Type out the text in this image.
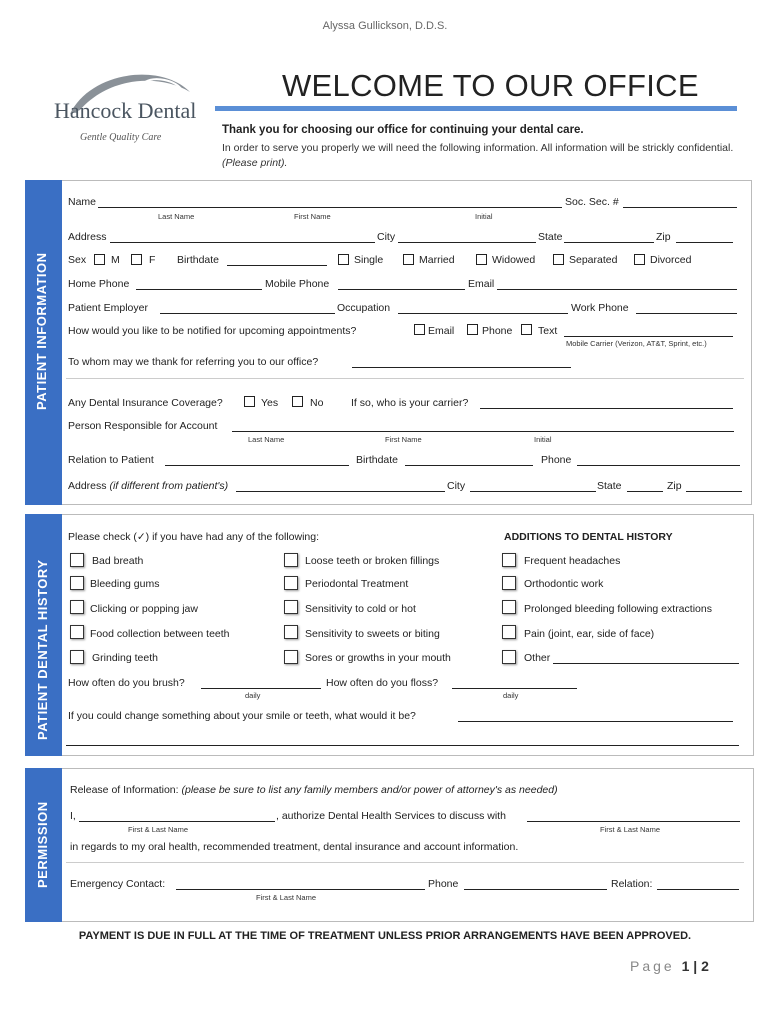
Alyssa Gullickson, D.D.S.
Hancock Dental
Gentle Quality Care
WELCOME TO OUR OFFICE
Thank you for choosing our office for continuing your dental care.
In order to serve you properly we will need the following information. All information will be strickly confidential. (Please print).
PATIENT INFORMATION
Name	Soc. Sec. #
Last Name	First Name	Initial
Address	City	State	Zip
Sex M	F Birthdate	Single	Married	Widowed	Separated	Divorced
Home Phone	Mobile Phone	Email
Patient Employer	Occupation	Work Phone
How would you like to be notified for upcoming appointments?	Email	Phone Text
Mobile Carrier (Verizon, AT&T, Sprint, etc.)
To whom may we thank for referring you to our office?
Any Dental Insurance Coverage?	Yes	No	If so, who is your carrier?
Person Responsible for Account
Last Name	First Name	Initial
Relation to Patient	Birthdate	Phone
Address (if different from patient's)	City	State	Zip
PATIENT DENTAL HISTORY
Please check (✓) if you have had any of the following:	ADDITIONS TO DENTAL HISTORY
Bad breath
Bleeding gums
Clicking or popping jaw
Food collection between teeth
Grinding teeth
Loose teeth or broken fillings
Periodontal Treatment
Sensitivity to cold or hot
Sensitivity to sweets or biting
Sores or growths in your mouth
Frequent headaches
Orthodontic work
Prolonged bleeding following extractions
Pain (joint, ear, side of face)
Other
How often do you brush?
daily
How often do you floss?
daily
If you could change something about your smile or teeth, what would it be?
PERMISSION
Release of Information: (please be sure to list any family members and/or power of attorney's as needed)
I,	, authorize Dental Health Services to discuss with
First & Last Name	First & Last Name
in regards to my oral health, recommended treatment, dental insurance and account information.
Emergency Contact:	Phone	Relation:
First & Last Name
PAYMENT IS DUE IN FULL AT THE TIME OF TREATMENT UNLESS PRIOR ARRANGEMENTS HAVE BEEN APPROVED.
Page 1 | 2
